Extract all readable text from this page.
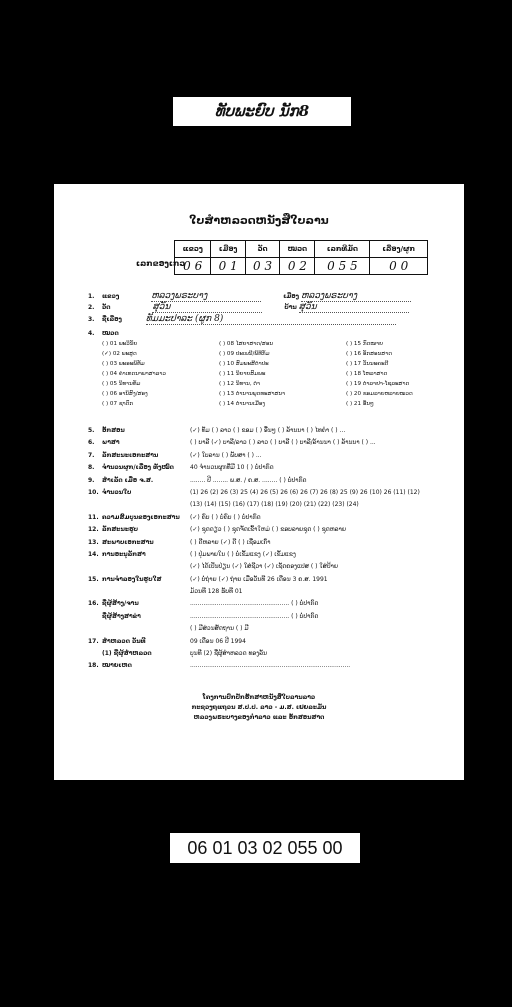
ທັບພະຍົບ ນັກ8
ໃບສຳຫລວດຫນັງສືໃບລານ
ເລກຂອງເກວ
ແຂວງ	ເມືອງ	ວັດ	ໝວດ	ເລກທີມັດ	ເລື່ອງ/ຜູກ
0 6	0 1	0 3	0 2	0 5 5	0 0
1. ແຂວງ	ຫລວງພຣະບາງ	ເມືອງ ຫລວງພຣະບາງ
2. ວັດ	ສຸວັນ	ບ້ານ ສຸວັນ
3. ຊື່ເລື່ອງ	ທັມມະປາລະ (ຜູກ 8)
4. ໝວດ
( ) 01 ພະວິນັຍ
(✓) 02 ພະສູດ
( ) 03 ພະອະພິທັມ
( ) 04 ຄຳເທດນາພາສາລາວ
( ) 05 ນິທານທັມ
( ) 06 ອານິສົງ/ສອງ
( ) 07 ຊາດົກ
( ) 08 ໄສຍາສາດ/ສອນ
( ) 09 ປະເພນີ/ພິທີກັມ
( ) 10 ສົມພະສີຕຳປະ
( ) 11 ນິຍາຍສົມພະ
( ) 12 ນິທານ, ຕຳ
( ) 13 ຕຳນານພຸດທະສາສນາ
( ) 14 ຕຳນານເມືອງ
( ) 15 ກົດໝາຍ
( ) 16 ອັກສອນສາດ
( ) 17 ວັນນະຄະດີ
( ) 18 ໂຫລາສາດ
( ) 19 ຕຳລາຢາ-ໂຊລະສາດ
( ) 20 ຂອມລາຍຫລາຍໝວດ
( ) 21 ອື່ນໆ
5. ອັກສອນ	(✓) ທັມ ( ) ລາວ ( ) ຂອມ ( ) ອື່ນໆ ( ) ລ້ານນາ ( ) ໄທຄຳ ( ) ...
6. ພາສາ	( ) ບາລີ (✓) ບາລີ/ລາວ ( ) ລາວ ( ) ບາລີ ( ) ບາລີ/ລ້ານນາ ( ) ລ້ານນາ ( ) ...
7. ລັກສະນະເອກະສານ	(✓) ໃບລານ ( ) ພັບສາ ( ) ...
8. ຈຳນວນຜູກ/ເລື່ອງ ທັງໝົດ	40 ຈຳນວນຜູກທີ່ມີ 10 ( ) ບໍ່ປາກົດ
9. ສຳເລັດ ເມື່ອ ຈ.ສ.	........ ປີ ........ ພ.ສ. / ຄ.ສ. ........ ( ) ບໍ່ປາກົດ
10. ຈຳນວນໃບ	(1) 26 (2) 26 (3) 25 (4) 26 (5) 26 (6) 26 (7) 26 (8) 25 (9) 26 (10) 26 (11) (12)
(13) (14) (15) (16) (17) (18) (19) (20) (21) (22) (23) (24)
11. ຄວາມສົມບູນຂອງເອກະສານ (✓) ຄົບ ( ) ບໍ່ຄົບ ( ) ບໍ່ປາກົດ
12. ລັກສະນະຮູບ	(✓) ຊຸດດຽວ ( ) ຊຸດຈັດເຂົ້າໃຫມ່ ( ) ຂອບລາຍຊຸດ ( ) ຊຸດຫລາຍ
13. ສະພາບເອກະສານ	( ) ດີຫລາຍ (✓) ດີ ( ) ເຊື່ອມເກົ່າ
14. ການອະນຸລັກສາ	( ) ປຸ່ມພາຍໃນ ( ) ບໍ່ເຂັ້ມແຂງ (✓) ເຂັ້ມແຂງ
(✓) ໄດ້ເປັນປ່ຽນ (✓) ໃສ່ຊີວາ (✓) ເຊັດຄອງແປສ ( ) ໃສ່ປ້າຍ
15. ການຈໍາລອງໃນຮູບໃສ	(✓) ບໍ່ຖ່າຍ (✓) ຖ່າຍ ເມື່ອວັນທີ 26 ເດືອນ 3 ຄ.ສ. 1991
ມ້ວນທີ 128 ຮັບທີ 01
16. ຊື່ຜູ້ສ້າງ/ຈານ	.................................................... ( ) ບໍ່ປາກົດ
ຊື່ຜູ້ສ້າງສາຂ່າ	.................................................... ( ) ບໍ່ປາກົດ
( ) ມີສ່ວນສັດຖານ ( ) ມີ
17. ສຳຫລວດ ວັນທີ	09 ເດືອນ 06 ປີ 1994
(1) ຊື່ຜູ້ສຳຫລວດ	ບຸນທີ (2) ຊື່ຜູ້ສຳຫລວດ ທອງລັນ
18. ໝາຍເຫດ	....................................................................................
ໂຄງການປົກປັກຮັກສາຫນັງສືໃບລານລາວ
ກະຊວງຖແຖວນ ສ.ປ.ປ. ລາວ - ມ.ສ. ເຢຍລະມັນ
ຫລວງພຣະບາງຂອງກໍາລາວ ແລະ ອັກສອນສາດ
06 01 03 02 055 00
